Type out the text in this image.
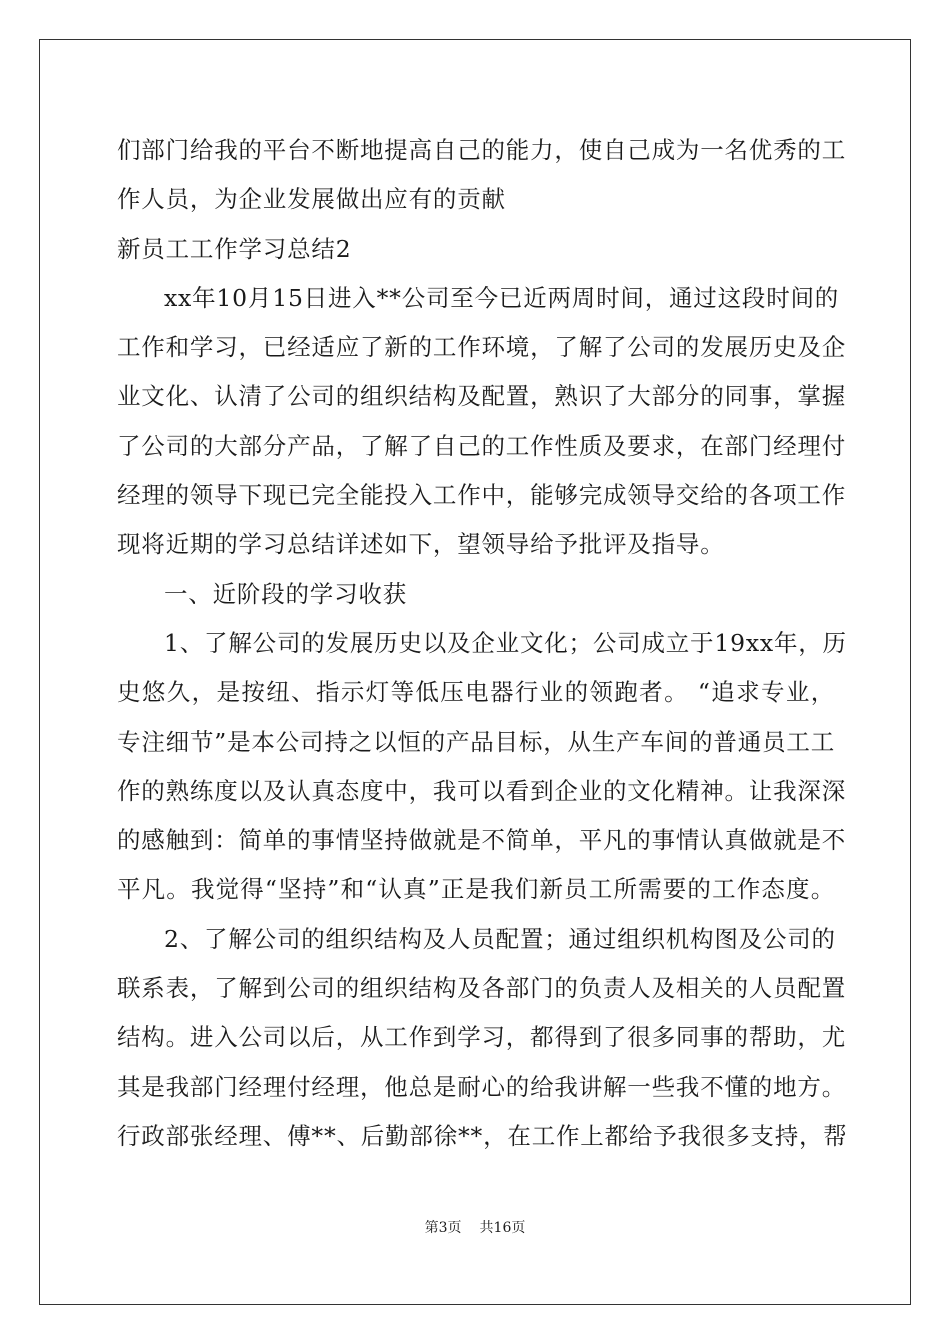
们部门给我的平台不断地提高自己的能力，使自己成为一名优秀的工
作人员，为企业发展做出应有的贡献
新员工工作学习总结2
xx年10月15日进入**公司至今已近两周时间，通过这段时间的
工作和学习，已经适应了新的工作环境，了解了公司的发展历史及企
业文化、认清了公司的组织结构及配置，熟识了大部分的同事，掌握
了公司的大部分产品，了解了自己的工作性质及要求，在部门经理付
经理的领导下现已完全能投入工作中，能够完成领导交给的各项工作
现将近期的学习总结详述如下，望领导给予批评及指导。
一、近阶段的学习收获
1、了解公司的发展历史以及企业文化；公司成立于19xx年，历
史悠久，是按纽、指示灯等低压电器行业的领跑者。 “追求专业，
专注细节”是本公司持之以恒的产品目标，从生产车间的普通员工工
作的熟练度以及认真态度中，我可以看到企业的文化精神。让我深深
的感触到：简单的事情坚持做就是不简单，平凡的事情认真做就是不
平凡。我觉得“坚持”和“认真”正是我们新员工所需要的工作态度。
2、了解公司的组织结构及人员配置；通过组织机构图及公司的
联系表，了解到公司的组织结构及各部门的负责人及相关的人员配置
结构。进入公司以后，从工作到学习，都得到了很多同事的帮助，尤
其是我部门经理付经理，他总是耐心的给我讲解一些我不懂的地方。
行政部张经理、傅**、后勤部徐**，在工作上都给予我很多支持，帮
第3页 共16页
